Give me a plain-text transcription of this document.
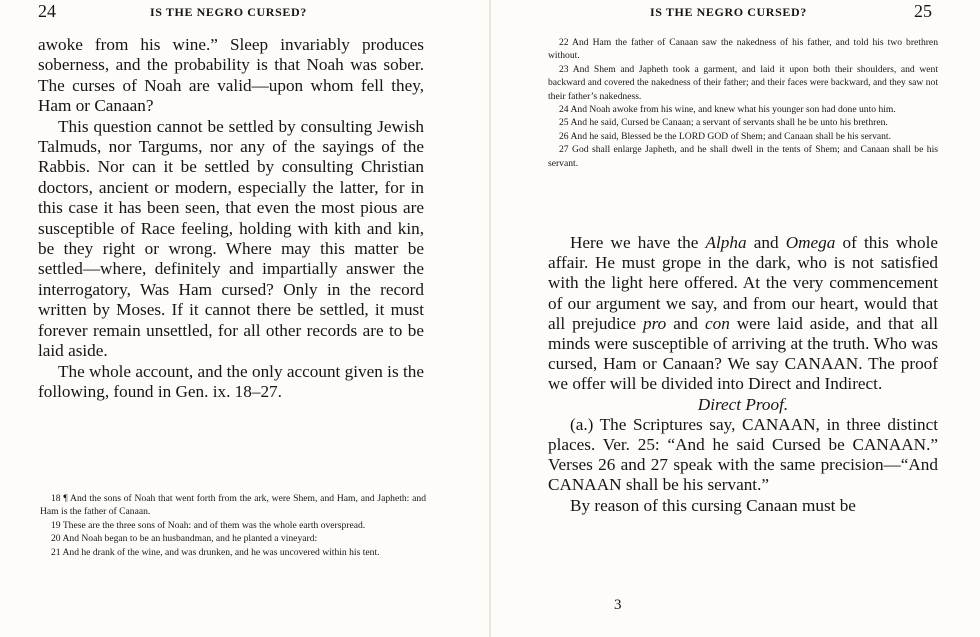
24	IS THE NEGRO CURSED?

awoke from his wine.” Sleep invariably produces soberness, and the probability is that Noah was sober. The curses of Noah are valid—upon whom fell they, Ham or Canaan?

This question cannot be settled by consulting Jewish Talmuds, nor Targums, nor any of the sayings of the Rabbis. Nor can it be settled by consulting Christian doctors, ancient or modern, especially the latter, for in this case it has been seen, that even the most pious are susceptible of Race feeling, holding with kith and kin, be they right or wrong. Where may this matter be settled—where, definitely and impartially answer the interrogatory, Was Ham cursed? Only in the record written by Moses. If it cannot there be settled, it must forever remain unsettled, for all other records are to be laid aside.

The whole account, and the only account given is the following, found in Gen. ix. 18–27.

18 ¶ And the sons of Noah that went forth from the ark, were Shem, and Ham, and Japheth: and Ham is the father of Canaan.

19 These are the three sons of Noah: and of them was the whole earth overspread.

20 And Noah began to be an husbandman, and he planted a vineyard:

21 And he drank of the wine, and was drunken, and he was uncovered within his tent.

IS THE NEGRO CURSED?	25

22 And Ham the father of Canaan saw the nakedness of his father, and told his two brethren without.

23 And Shem and Japheth took a garment, and laid it upon both their shoulders, and went backward and covered the nakedness of their father; and their faces were backward, and they saw not their father’s nakedness.

24 And Noah awoke from his wine, and knew what his younger son had done unto him.

25 And he said, Cursed be Canaan; a servant of servants shall he be unto his brethren.

26 And he said, Blessed be the LORD GOD of Shem; and Canaan shall be his servant.

27 God shall enlarge Japheth, and he shall dwell in the tents of Shem; and Canaan shall be his servant.

Here we have the Alpha and Omega of this whole affair. He must grope in the dark, who is not satisfied with the light here offered. At the very commencement of our argument we say, and from our heart, would that all prejudice pro and con were laid aside, and that all minds were susceptible of arriving at the truth. Who was cursed, Ham or Canaan? We say CANAAN. The proof we offer will be divided into Direct and Indirect.

Direct Proof.

(a.) The Scriptures say, CANAAN, in three distinct places. Ver. 25: “And he said Cursed be CANAAN.” Verses 26 and 27 speak with the same precision—“And CANAAN shall be his servant.”

By reason of this cursing Canaan must be

3
